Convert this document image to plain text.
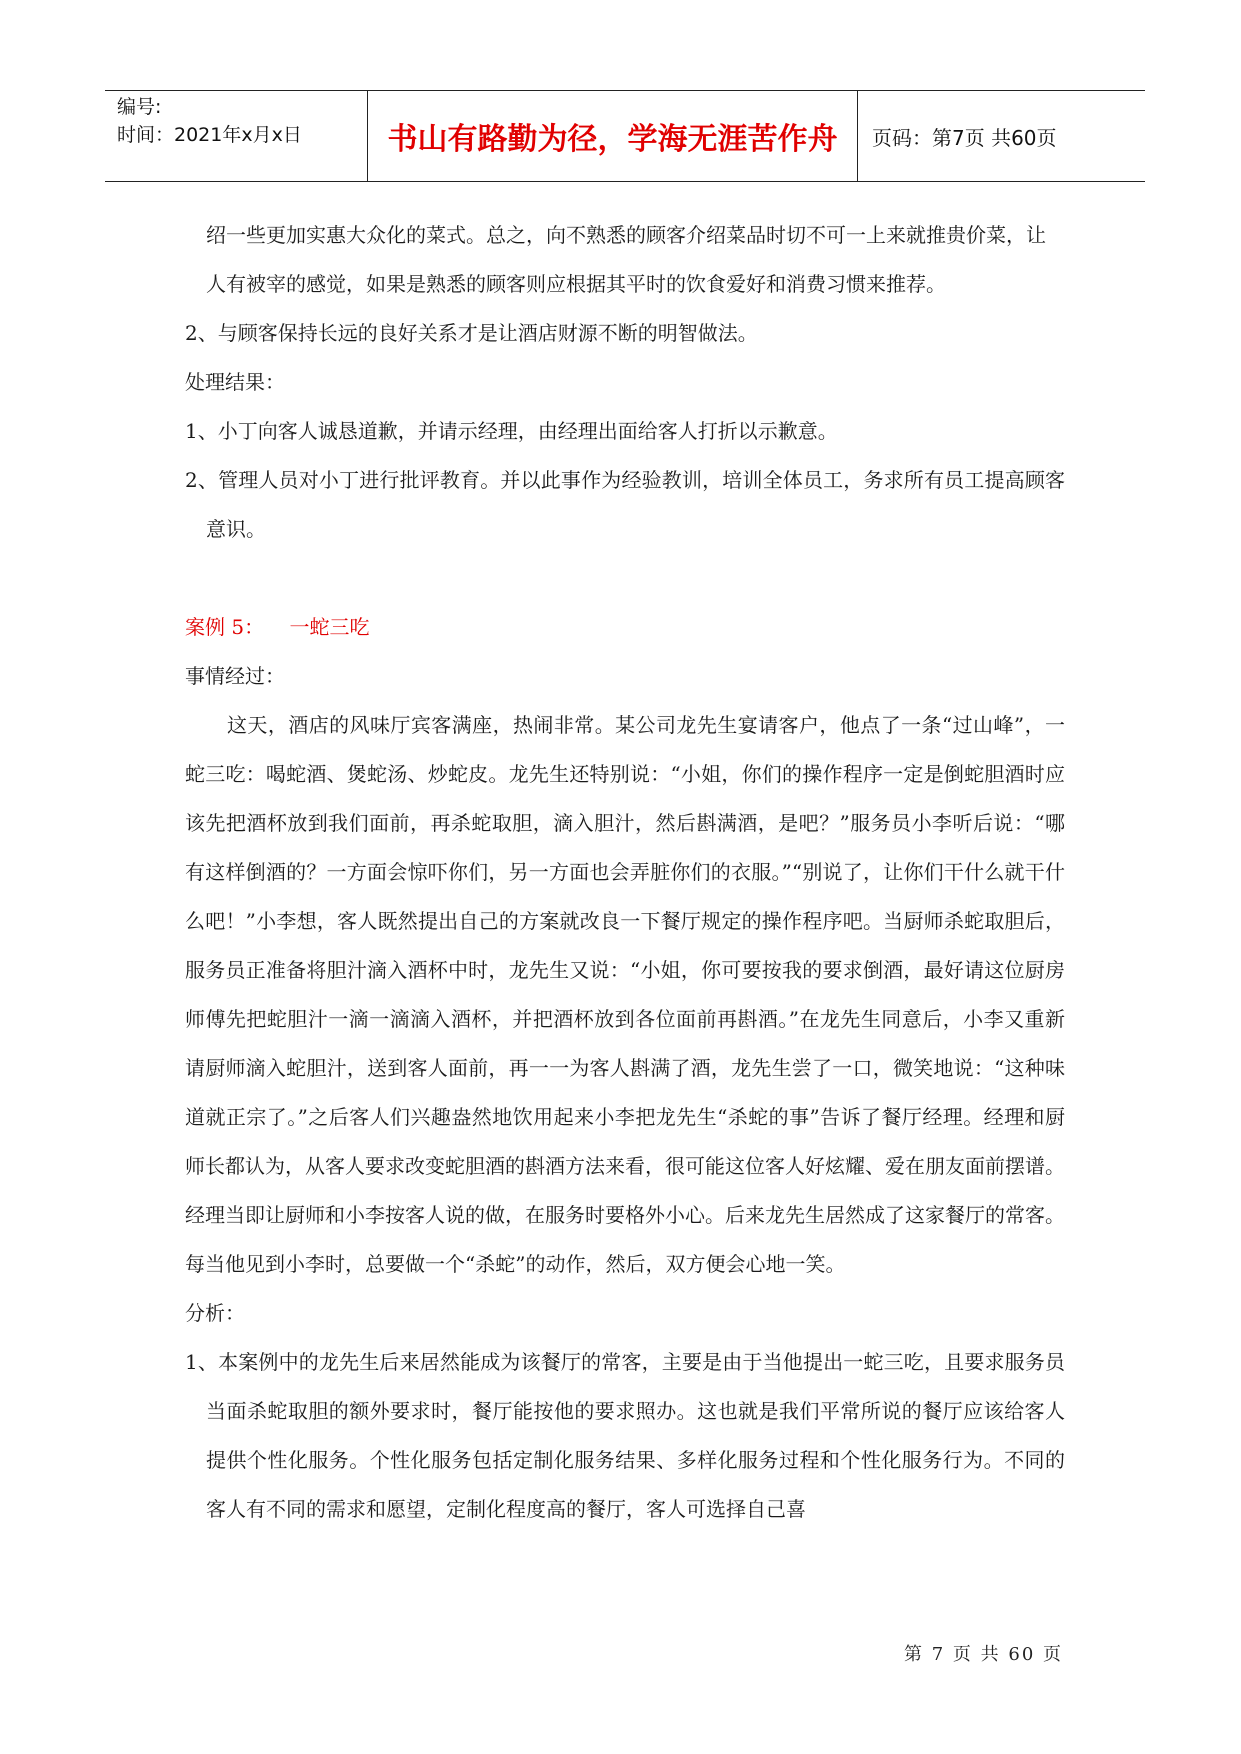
编号:
时间：2021年x月x日	书山有路勤为径，学海无涯苦作舟	页码：第7页 共60页

绍一些更加实惠大众化的菜式。总之，向不熟悉的顾客介绍菜品时切不可一上来就推贵价菜，让人有被宰的感觉，如果是熟悉的顾客则应根据其平时的饮食爱好和消费习惯来推荐。

2、与顾客保持长远的良好关系才是让酒店财源不断的明智做法。

处理结果：

1、小丁向客人诚恳道歉，并请示经理，由经理出面给客人打折以示歉意。

2、管理人员对小丁进行批评教育。并以此事作为经验教训，培训全体员工，务求所有员工提高顾客意识。

案例 5：    一蛇三吃

事情经过：

这天，酒店的风味厅宾客满座，热闹非常。某公司龙先生宴请客户，他点了一条“过山峰”，一蛇三吃：喝蛇酒、煲蛇汤、炒蛇皮。龙先生还特别说：“小姐，你们的操作程序一定是倒蛇胆酒时应该先把酒杯放到我们面前，再杀蛇取胆，滴入胆汁，然后斟满酒，是吧？”服务员小李听后说：“哪有这样倒酒的？一方面会惊吓你们，另一方面也会弄脏你们的衣服。”“别说了，让你们干什么就干什么吧！”小李想，客人既然提出自己的方案就改良一下餐厅规定的操作程序吧。当厨师杀蛇取胆后，服务员正准备将胆汁滴入酒杯中时，龙先生又说：“小姐，你可要按我的要求倒酒，最好请这位厨房师傅先把蛇胆汁一滴一滴滴入酒杯，并把酒杯放到各位面前再斟酒。”在龙先生同意后，小李又重新请厨师滴入蛇胆汁，送到客人面前，再一一为客人斟满了酒，龙先生尝了一口，微笑地说：“这种味道就正宗了。”之后客人们兴趣盎然地饮用起来小李把龙先生“杀蛇的事”告诉了餐厅经理。经理和厨师长都认为，从客人要求改变蛇胆酒的斟酒方法来看，很可能这位客人好炫耀、爱在朋友面前摆谱。经理当即让厨师和小李按客人说的做，在服务时要格外小心。后来龙先生居然成了这家餐厅的常客。每当他见到小李时，总要做一个“杀蛇”的动作，然后，双方便会心地一笑。

分析：

1、本案例中的龙先生后来居然能成为该餐厅的常客，主要是由于当他提出一蛇三吃，且要求服务员当面杀蛇取胆的额外要求时，餐厅能按他的要求照办。这也就是我们平常所说的餐厅应该给客人提供个性化服务。个性化服务包括定制化服务结果、多样化服务过程和个性化服务行为。不同的客人有不同的需求和愿望，定制化程度高的餐厅，客人可选择自己喜

第 7 页 共 60 页
